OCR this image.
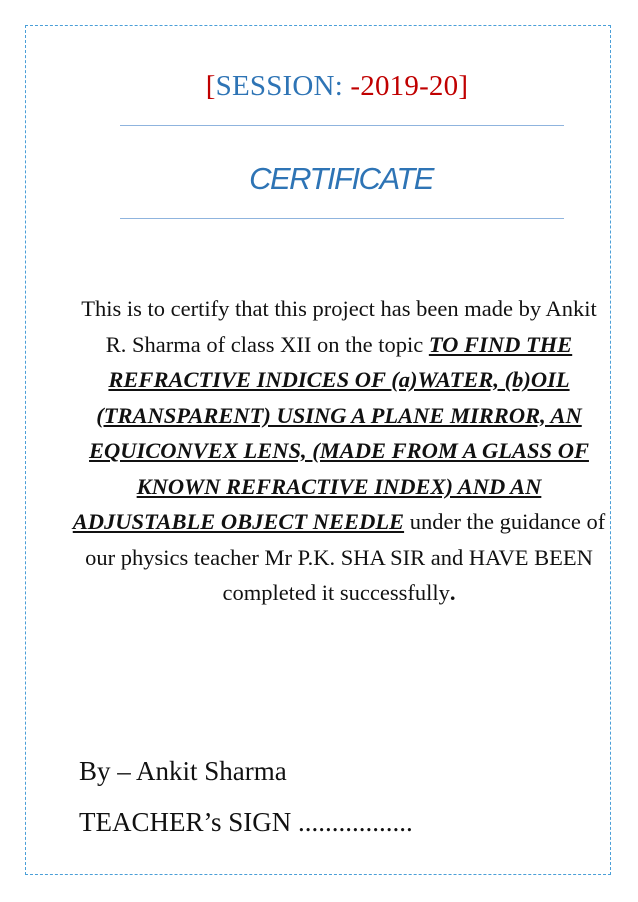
[SESSION: -2019-20]
CERTIFICATE
This is to certify that this project has been made by Ankit R. Sharma of class XII on the topic TO FIND THE REFRACTIVE INDICES OF (a)WATER, (b)OIL (TRANSPARENT) USING A PLANE MIRROR, AN EQUICONVEX LENS, (MADE FROM A GLASS OF KNOWN REFRACTIVE INDEX) AND AN ADJUSTABLE OBJECT NEEDLE under the guidance of our physics teacher Mr P.K. SHA SIR and HAVE BEEN completed it successfully.
By – Ankit Sharma
TEACHER’s SIGN .................
